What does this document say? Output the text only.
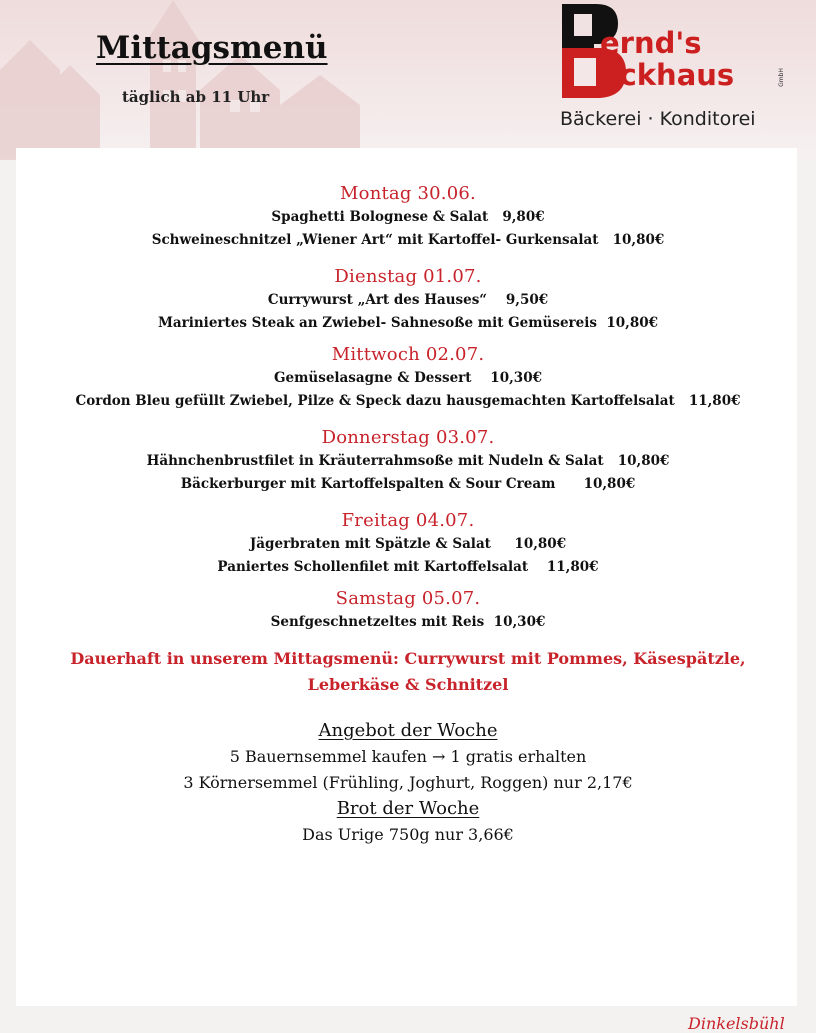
Mittagsmenü
täglich ab 11 Uhr
ernd's
ackhaus	GmbH
Bäckerei · Konditorei
Montag 30.06.
Spaghetti Bolognese & Salat   9,80€
Schweineschnitzel „Wiener Art“ mit Kartoffel- Gurkensalat   10,80€
Dienstag 01.07.
Currywurst „Art des Hauses“    9,50€
Mariniertes Steak an Zwiebel- Sahnesoße mit Gemüsereis  10,80€
Mittwoch 02.07.
Gemüselasagne & Dessert    10,30€
Cordon Bleu gefüllt Zwiebel, Pilze & Speck dazu hausgemachten Kartoffelsalat   11,80€
Donnerstag 03.07.
Hähnchenbrustfilet in Kräuterrahmsoße mit Nudeln & Salat   10,80€
Bäckerburger mit Kartoffelspalten & Sour Cream      10,80€
Freitag 04.07.
Jägerbraten mit Spätzle & Salat     10,80€
Paniertes Schollenfilet mit Kartoffelsalat    11,80€
Samstag 05.07.
Senfgeschnetzeltes mit Reis  10,30€
Dauerhaft in unserem Mittagsmenü: Currywurst mit Pommes, Käsespätzle, Leberkäse & Schnitzel
Angebot der Woche
5 Bauernsemmel kaufen → 1 gratis erhalten
3 Körnersemmel (Frühling, Joghurt, Roggen) nur 2,17€
Brot der Woche
Das Urige 750g nur 3,66€
Dinkelsbühl
